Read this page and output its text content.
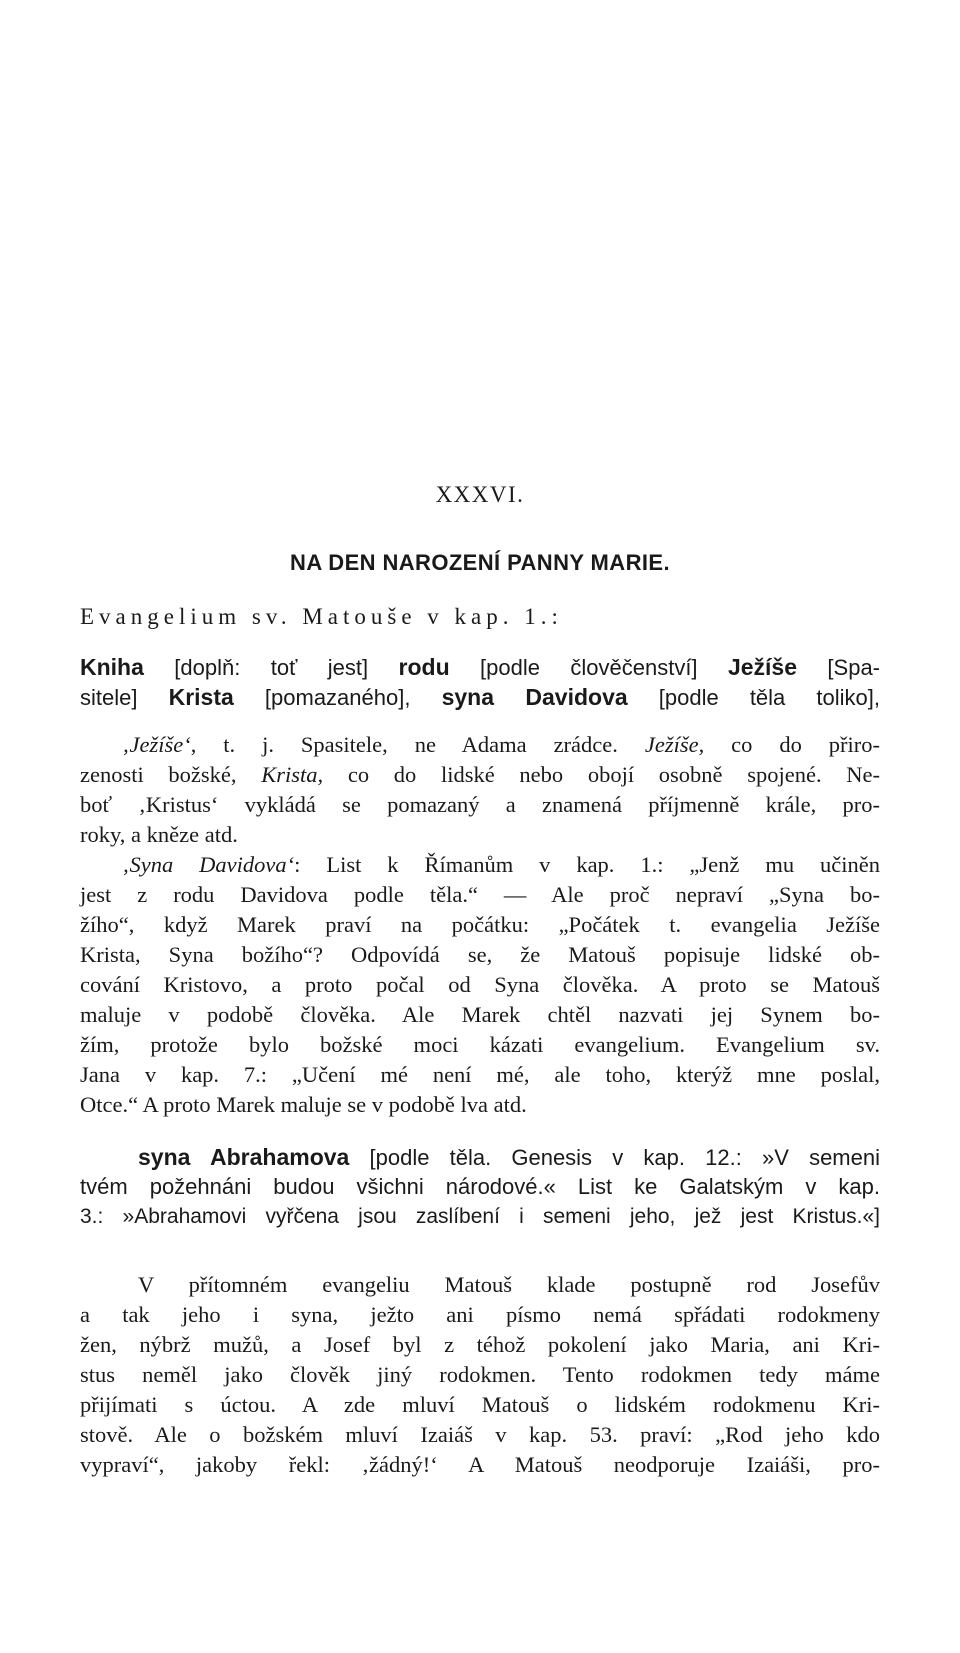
XXXVI.
NA DEN NAROZENÍ PANNY MARIE.
Evangelium sv. Matouše v kap. 1.:
Kniha [doplň: toť jest] rodu [podle člověčenství] Ježíše [Spa-
sitele] Krista [pomazaného], syna Davidova [podle těla toliko],
‚Ježíše‘, t. j. Spasitele, ne Adama zrádce. Ježíše, co do přiro-
zenosti božské, Krista, co do lidské nebo obojí osobně spojené. Ne-
boť ‚Kristus‘ vykládá se pomazaný a znamená příjmenně krále, pro-
roky, a kněze atd.
‚Syna Davidova‘: List k Římanům v kap. 1.: „Jenž mu učiněn
jest z rodu Davidova podle těla.“ — Ale proč nepraví „Syna bo-
žího“, když Marek praví na počátku: „Počátek t. evangelia Ježíše
Krista, Syna božího“? Odpovídá se, že Matouš popisuje lidské ob-
cování Kristovo, a proto počal od Syna člověka. A proto se Matouš
maluje v podobě člověka. Ale Marek chtěl nazvati jej Synem bo-
žím, protože bylo božské moci kázati evangelium. Evangelium sv.
Jana v kap. 7.: „Učení mé není mé, ale toho, kterýž mne poslal,
Otce.“ A proto Marek maluje se v podobě lva atd.
syna Abrahamova [podle těla. Genesis v kap. 12.: »V semeni
tvém požehnáni budou všichni národové.« List ke Galatským v kap.
3.: »Abrahamovi vyřčena jsou zaslíbení i semeni jeho, jež jest Kristus.«]
V přítomném evangeliu Matouš klade postupně rod Josefův
a tak jeho i syna, ježto ani písmo nemá spřádati rodokmeny
žen, nýbrž mužů, a Josef byl z téhož pokolení jako Maria, ani Kri-
stus neměl jako člověk jiný rodokmen. Tento rodokmen tedy máme
přijímati s úctou. A zde mluví Matouš o lidském rodokmenu Kri-
stově. Ale o božském mluví Izaiáš v kap. 53. praví: „Rod jeho kdo
vypraví“, jakoby řekl: ‚žádný!‘ A Matouš neodporuje Izaiáši, pro-
